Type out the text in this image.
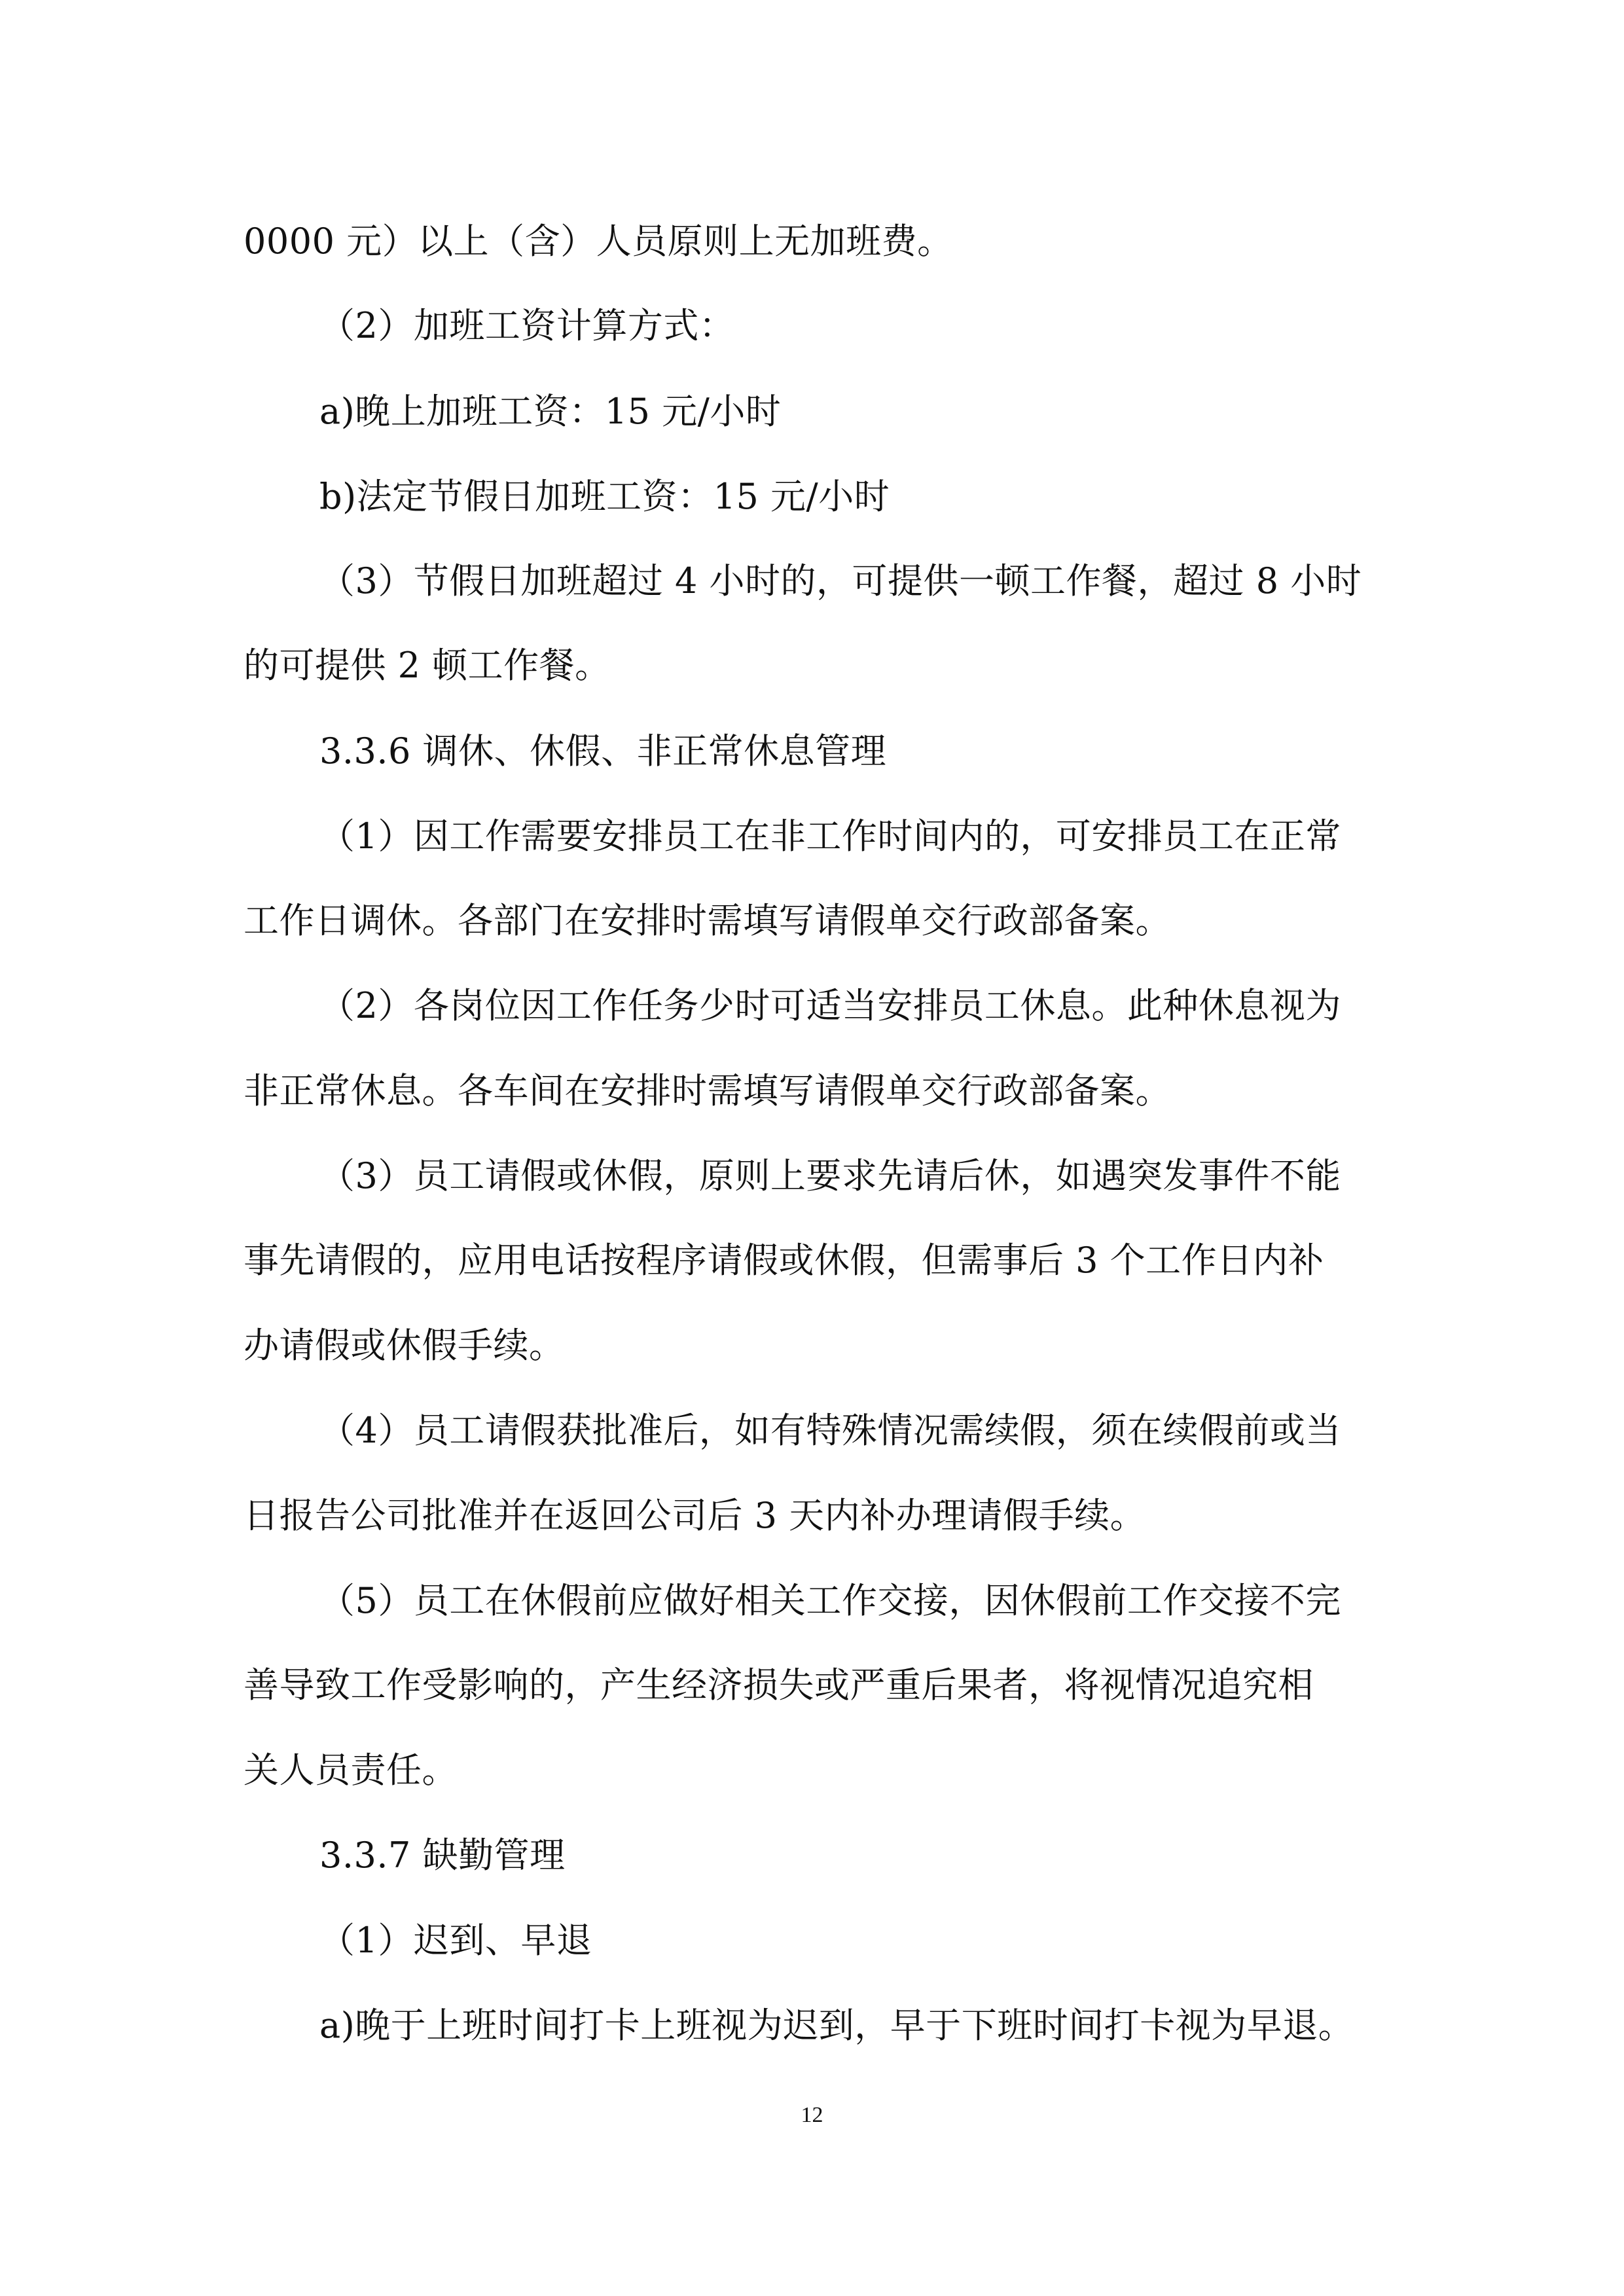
0000 元）以上（含）人员原则上无加班费。
（2）加班工资计算方式：
a)晚上加班工资：15 元/小时
b)法定节假日加班工资：15 元/小时
（3）节假日加班超过 4 小时的，可提供一顿工作餐，超过 8 小时
的可提供 2 顿工作餐。
3.3.6 调休、休假、非正常休息管理
（1）因工作需要安排员工在非工作时间内的，可安排员工在正常
工作日调休。各部门在安排时需填写请假单交行政部备案。
（2）各岗位因工作任务少时可适当安排员工休息。此种休息视为
非正常休息。各车间在安排时需填写请假单交行政部备案。
（3）员工请假或休假，原则上要求先请后休，如遇突发事件不能
事先请假的，应用电话按程序请假或休假，但需事后 3 个工作日内补
办请假或休假手续。
（4）员工请假获批准后，如有特殊情况需续假，须在续假前或当
日报告公司批准并在返回公司后 3 天内补办理请假手续。
（5）员工在休假前应做好相关工作交接，因休假前工作交接不完
善导致工作受影响的，产生经济损失或严重后果者，将视情况追究相
关人员责任。
3.3.7 缺勤管理
（1）迟到、早退
a)晚于上班时间打卡上班视为迟到，早于下班时间打卡视为早退。
12
